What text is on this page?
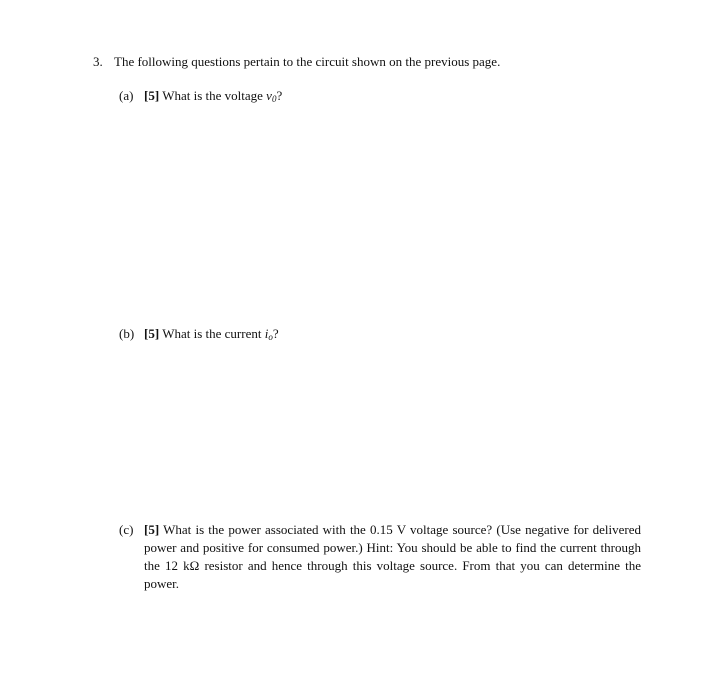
3. The following questions pertain to the circuit shown on the previous page.
(a) [5] What is the voltage $v_0$?
(b) [5] What is the current $i_o$?
(c) [5] What is the power associated with the 0.15 V voltage source? (Use negative for delivered power and positive for consumed power.) Hint: You should be able to find the current through the 12 kΩ resistor and hence through this voltage source. From that you can determine the power.
